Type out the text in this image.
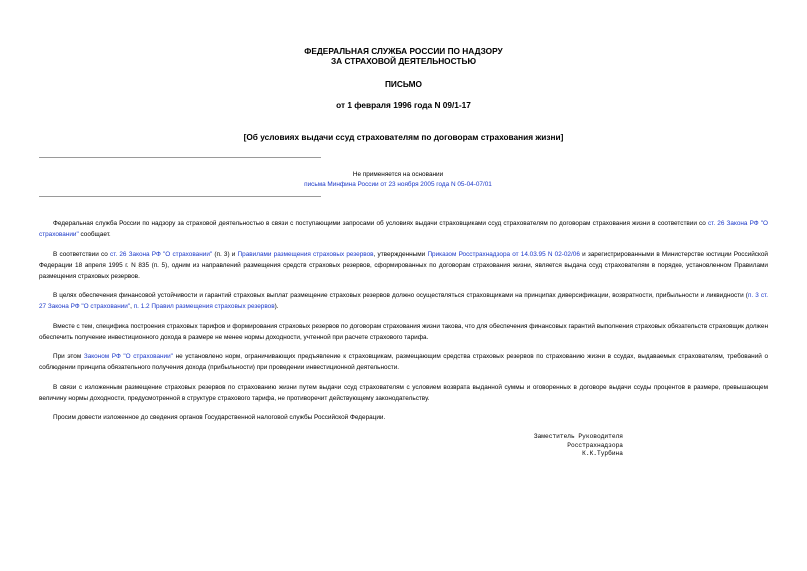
ФЕДЕРАЛЬНАЯ СЛУЖБА РОССИИ ПО НАДЗОРУ
ЗА СТРАХОВОЙ ДЕЯТЕЛЬНОСТЬЮ
ПИСЬМО
от 1 февраля 1996 года N 09/1-17
[Об условиях выдачи ссуд страхователям по договорам страхования жизни]
Не применяется на основании
письма Минфина России от 23 ноября 2005 года N 05-04-07/01

Федеральная служба России по надзору за страховой деятельностью в связи с поступающими запросами об условиях выдачи страховщиками ссуд страхователям по договорам страхования жизни в соответствии со ст. 26 Закона РФ "О страховании" сообщает.

В соответствии со ст. 26 Закона РФ "О страховании" (п. 3) и Правилами размещения страховых резервов, утвержденными Приказом Росстрахнадзора от 14.03.95 N 02-02/06 и зарегистрированными в Министерстве юстиции Российской Федерации 18 апреля 1995 г. N 835 (п. 5), одним из направлений размещения средств страховых резервов, сформированных по договорам страхования жизни, является выдача ссуд страхователям в порядке, установленном Правилами размещения страховых резервов.

В целях обеспечения финансовой устойчивости и гарантий страховых выплат размещение страховых резервов должно осуществляться страховщиками на принципах диверсификации, возвратности, прибыльности и ликвидности (п. 3 ст. 27 Закона РФ "О страховании", п. 1.2 Правил размещения страховых резервов).

Вместе с тем, специфика построения страховых тарифов и формирования страховых резервов по договорам страхования жизни такова, что для обеспечения финансовых гарантий выполнения страховых обязательств страховщик должен обеспечить получение инвестиционного дохода в размере не менее нормы доходности, учтенной при расчете страхового тарифа.

При этом Законом РФ "О страховании" не установлено норм, ограничивающих предъявление к страховщикам, размещающим средства страховых резервов по страхованию жизни в ссудах, выдаваемых страхователям, требований о соблюдении принципа обязательного получения дохода (прибыльности) при проведении инвестиционной деятельности.

В связи с изложенным размещение страховых резервов по страхованию жизни путем выдачи ссуд страхователям с условием возврата выданной суммы и оговоренных в договоре выдачи ссуды процентов в размере, превышающем величину нормы доходности, предусмотренной в структуре страхового тарифа, не противоречит действующему законодательству.

Просим довести изложенное до сведения органов Государственной налоговой службы Российской Федерации.

Заместитель Руководителя
Росстрахнадзора
К.К.Турбина
